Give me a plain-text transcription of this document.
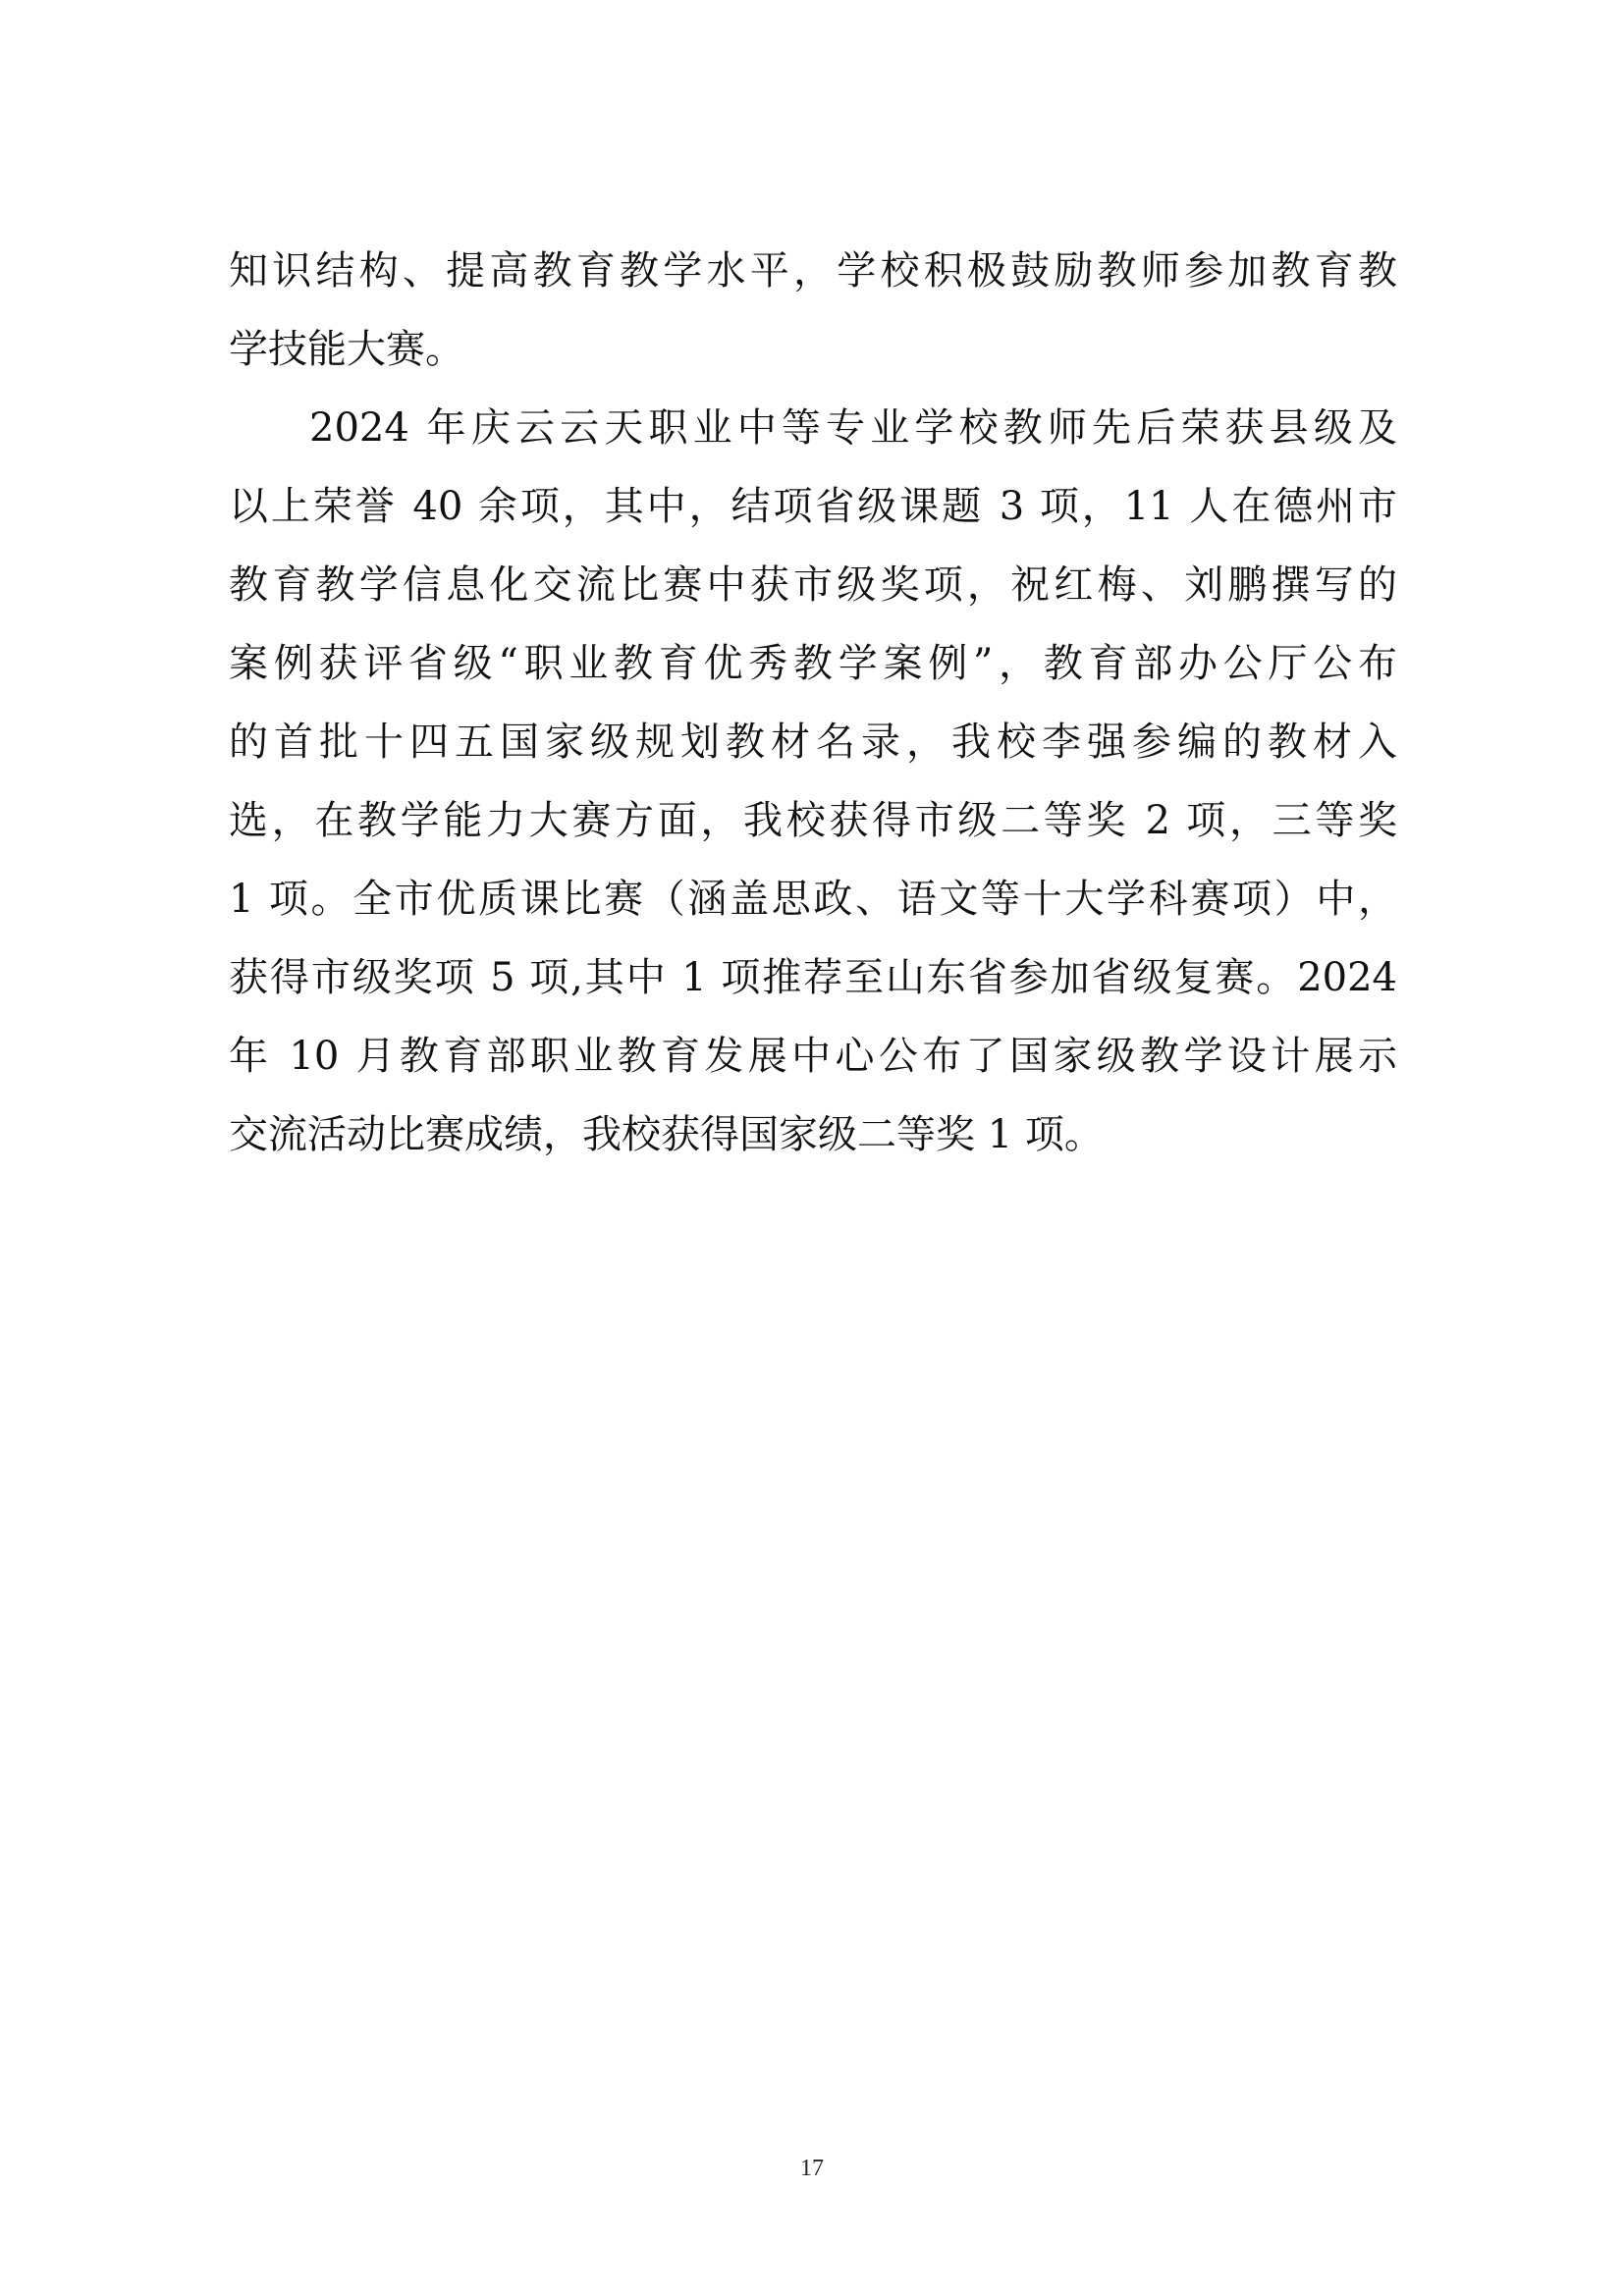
知识结构、提高教育教学水平，学校积极鼓励教师参加教育教
学技能大赛。
2024 年庆云云天职业中等专业学校教师先后荣获县级及
以上荣誉 40 余项，其中，结项省级课题 3 项，11 人在德州市
教育教学信息化交流比赛中获市级奖项，祝红梅、刘鹏撰写的
案例获评省级“职业教育优秀教学案例”，教育部办公厅公布
的首批十四五国家级规划教材名录，我校李强参编的教材入
选，在教学能力大赛方面，我校获得市级二等奖 2 项，三等奖
1 项。全市优质课比赛（涵盖思政、语文等十大学科赛项）中，
获得市级奖项 5 项,其中 1 项推荐至山东省参加省级复赛。2024
年 10 月教育部职业教育发展中心公布了国家级教学设计展示
交流活动比赛成绩，我校获得国家级二等奖 1 项。
17
